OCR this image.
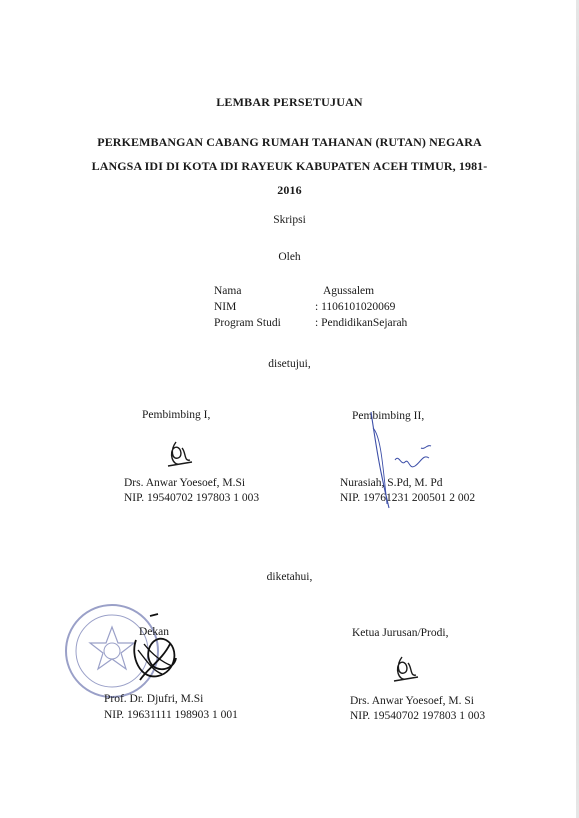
LEMBAR PERSETUJUAN
PERKEMBANGAN CABANG RUMAH TAHANAN (RUTAN) NEGARA
LANGSA IDI DI KOTA IDI RAYEUK KABUPATEN ACEH TIMUR, 1981-
2016
Skripsi
Oleh
Nama	Agussalem
NIM	: 1106101020069
Program Studi	: PendidikanSejarah
disetujui,
Pembimbing I,
Drs. Anwar Yoesoef, M.Si
NIP. 19540702 197803 1 003
Pembimbing II,
Nurasiah, S.Pd, M. Pd
NIP. 19761231 200501 2 002
diketahui,
Dekan
Prof. Dr. Djufri, M.Si
NIP. 19631111 198903 1 001
Ketua Jurusan/Prodi,
Drs. Anwar Yoesoef, M. Si
NIP. 19540702 197803 1 003
